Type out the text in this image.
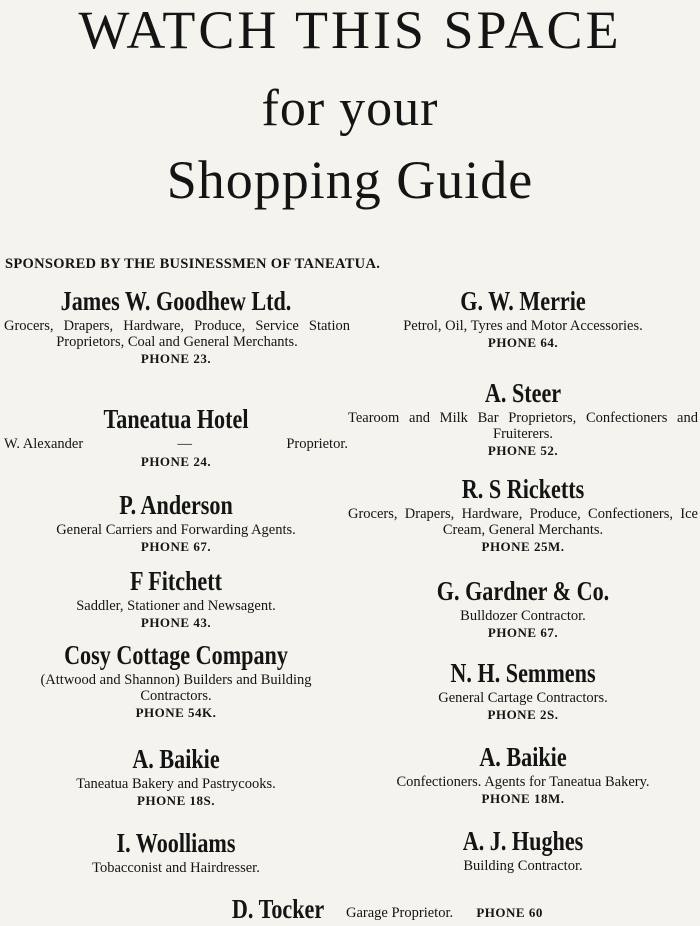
WATCH THIS SPACE
for your
Shopping Guide
SPONSORED BY THE BUSINESSMEN OF TANEATUA.
James W. Goodhew Ltd.
Grocers, Drapers, Hardware, Produce, Service Station Proprietors, Coal and General Merchants.
PHONE 23.
Taneatua Hotel
W. Alexander	—	Proprietor.
PHONE 24.
P. Anderson
General Carriers and Forwarding Agents.
PHONE 67.
F Fitchett
Saddler, Stationer and Newsagent.
PHONE 43.
Cosy Cottage Company
(Attwood and Shannon) Builders and Building Contractors.
PHONE 54K.
A. Baikie
Taneatua Bakery and Pastrycooks.
PHONE 18S.
I. Woolliams
Tobacconist and Hairdresser.
D. Tocker
G. W. Merrie
Petrol, Oil, Tyres and Motor Accessories.
PHONE 64.
A. Steer
Tearoom and Milk Bar Proprietors, Confectioners and Fruiterers.
PHONE 52.
R. S Ricketts
Grocers, Drapers, Hardware, Produce, Confectioners, Ice Cream, General Merchants.
PHONE 25M.
G. Gardner & Co.
Bulldozer Contractor.
PHONE 67.
N. H. Semmens
General Cartage Contractors.
PHONE 2S.
A. Baikie
Confectioners. Agents for Taneatua Bakery.
PHONE 18M.
A. J. Hughes
Building Contractor.
Garage Proprietor. PHONE 60
